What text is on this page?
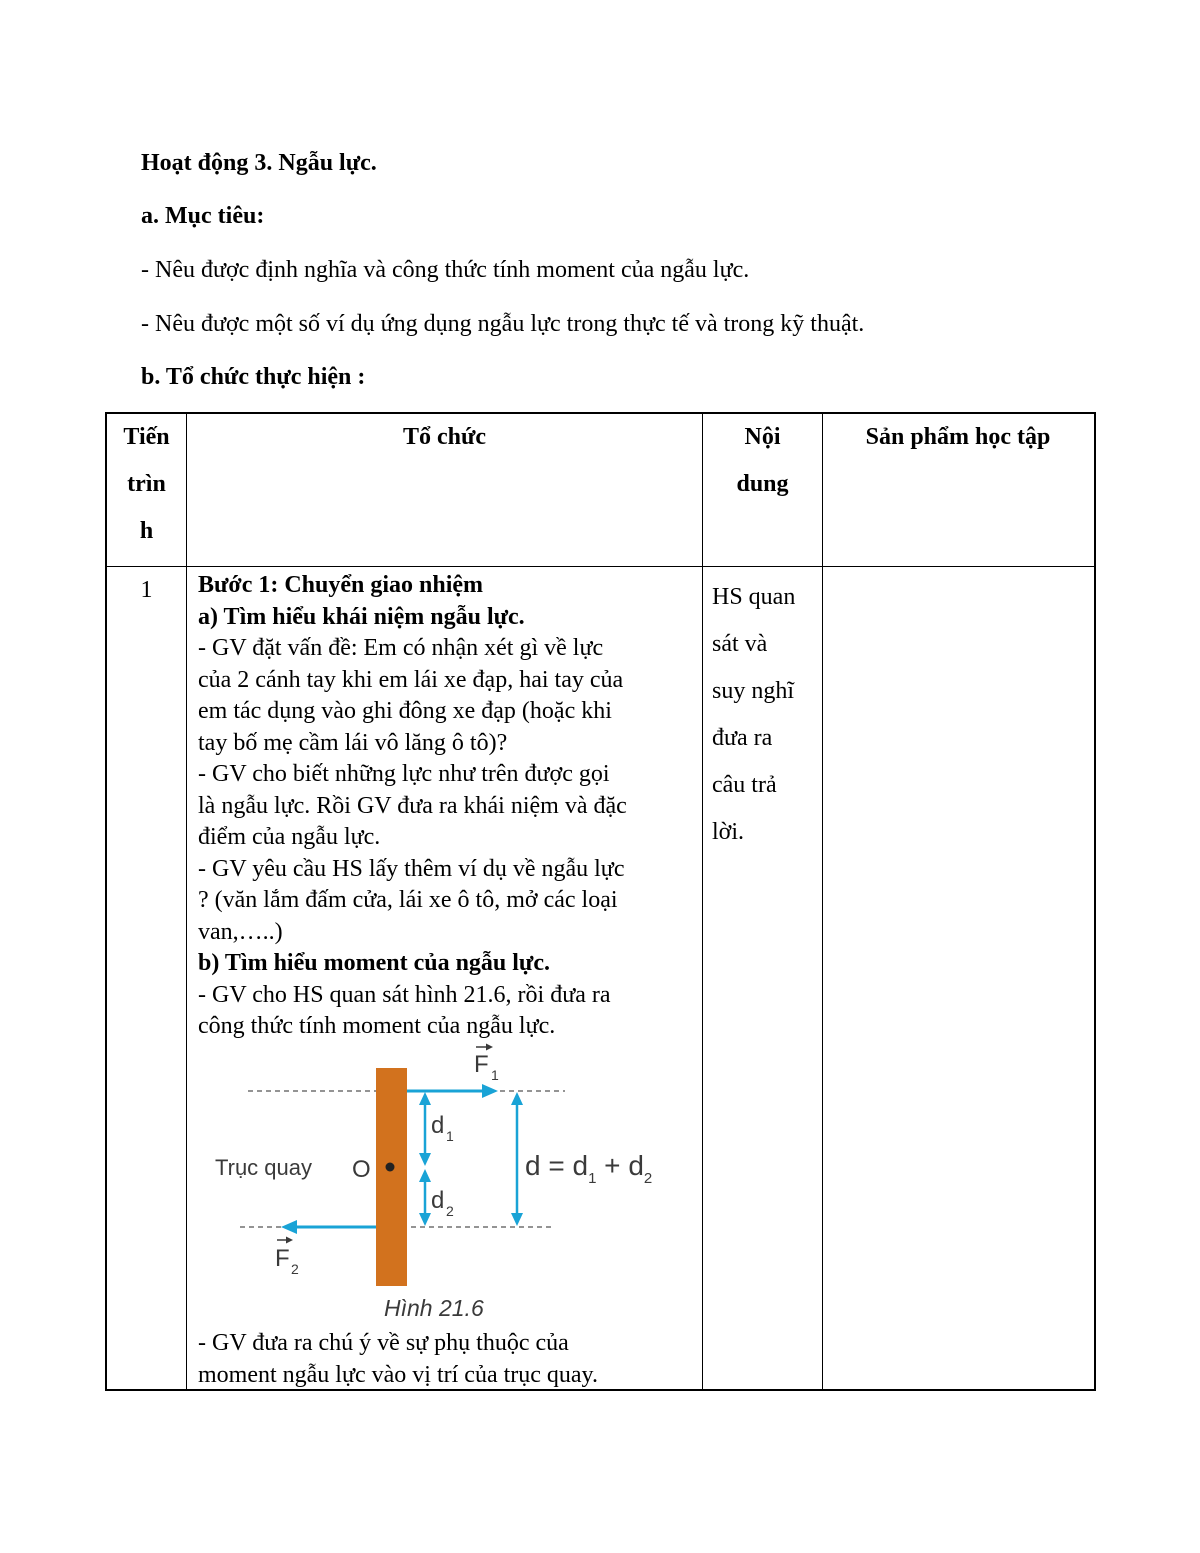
Hoạt động 3. Ngẫu lực.
a. Mục tiêu:
- Nêu được định nghĩa và công thức tính moment của ngẫu lực.
- Nêu được một số ví dụ ứng dụng ngẫu lực trong thực tế và trong kỹ thuật.
b. Tổ chức thực hiện :
Tiến
trìn
h
Tổ chức	Nội
dung
Sản phẩm học tập
1	Bước 1: Chuyển giao nhiệm
a) Tìm hiểu khái niệm ngẫu lực.
- GV đặt vấn đề: Em có nhận xét gì về lực
của 2 cánh tay khi em lái xe đạp, hai tay của
em tác dụng vào ghi đông xe đạp (hoặc khi
tay bố mẹ cầm lái vô lăng ô tô)?
- GV cho biết những lực như trên được gọi
là ngẫu lực. Rồi GV đưa ra khái niệm và đặc
điểm của ngẫu lực.
- GV yêu cầu HS lấy thêm ví dụ về ngẫu lực
? (văn lắm đấm cửa, lái xe ô tô, mở các loại
van,…..)
b) Tìm hiểu moment của ngẫu lực.
- GV cho HS quan sát hình 21.6, rồi đưa ra
công thức tính moment của ngẫu lực.
Trục quay O
F 1
F 2
d 1
d 2
$d = d_1 + d_2$
Hình 21.6
- GV đưa ra chú ý về sự phụ thuộc của
moment ngẫu lực vào vị trí của trục quay.
HS quan
sát và
suy nghĩ
đưa ra
câu trả
lời.
